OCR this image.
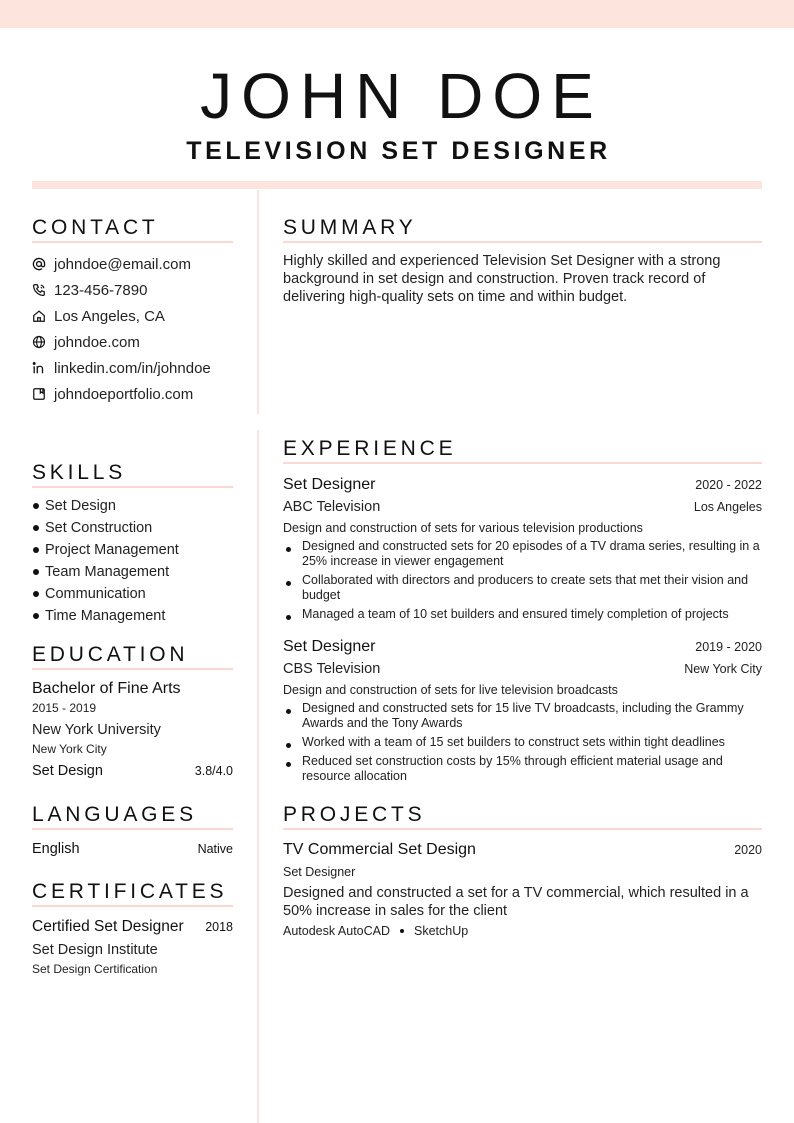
JOHN DOE
TELEVISION SET DESIGNER
CONTACT
johndoe@email.com
123-456-7890
Los Angeles, CA
johndoe.com
linkedin.com/in/johndoe
johndoeportfolio.com
SKILLS
Set Design
Set Construction
Project Management
Team Management
Communication
Time Management
EDUCATION
Bachelor of Fine Arts
2015 - 2019
New York University
New York City
Set Design	3.8/4.0
LANGUAGES
English	Native
CERTIFICATES
Certified Set Designer 2018
Set Design Institute
Set Design Certification
SUMMARY
Highly skilled and experienced Television Set Designer with a strong background in set design and construction. Proven track record of delivering high-quality sets on time and within budget.
EXPERIENCE
Set Designer	2020 - 2022
ABC Television	Los Angeles
Design and construction of sets for various television productions
Designed and constructed sets for 20 episodes of a TV drama series, resulting in a 25% increase in viewer engagement
Collaborated with directors and producers to create sets that met their vision and budget
Managed a team of 10 set builders and ensured timely completion of projects
Set Designer	2019 - 2020
CBS Television	New York City
Design and construction of sets for live television broadcasts
Designed and constructed sets for 15 live TV broadcasts, including the Grammy Awards and the Tony Awards
Worked with a team of 15 set builders to construct sets within tight deadlines
Reduced set construction costs by 15% through efficient material usage and resource allocation
PROJECTS
TV Commercial Set Design	2020
Set Designer
Designed and constructed a set for a TV commercial, which resulted in a 50% increase in sales for the client
Autodesk AutoCAD SketchUp
